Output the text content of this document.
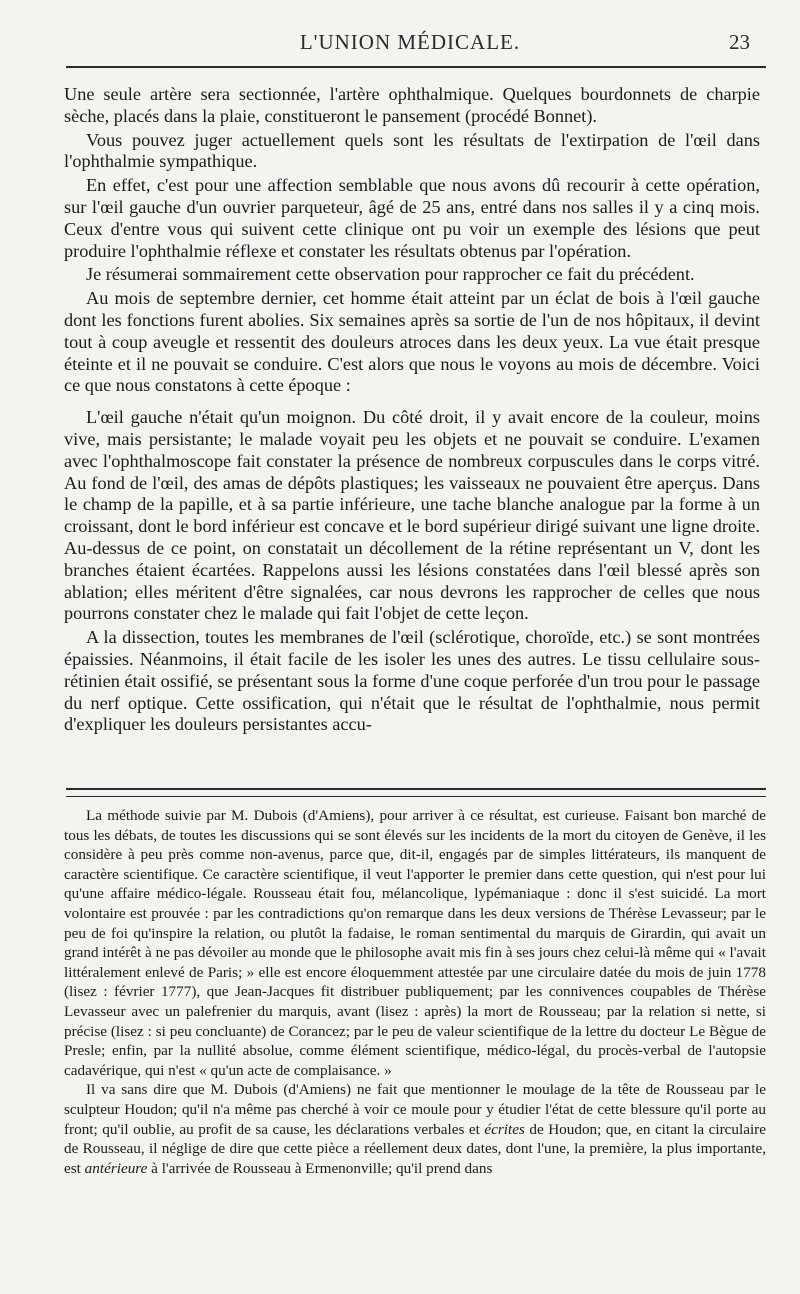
L'UNION MÉDICALE.	23

Une seule artère sera sectionnée, l'artère ophthalmique. Quelques bourdonnets de charpie sèche, placés dans la plaie, constitueront le pansement (procédé Bonnet).

Vous pouvez juger actuellement quels sont les résultats de l'extirpation de l'œil dans l'ophthalmie sympathique.

En effet, c'est pour une affection semblable que nous avons dû recourir à cette opération, sur l'œil gauche d'un ouvrier parqueteur, âgé de 25 ans, entré dans nos salles il y a cinq mois. Ceux d'entre vous qui suivent cette clinique ont pu voir un exemple des lésions que peut produire l'ophthalmie réflexe et constater les résultats obtenus par l'opération.

Je résumerai sommairement cette observation pour rapprocher ce fait du précédent.

Au mois de septembre dernier, cet homme était atteint par un éclat de bois à l'œil gauche dont les fonctions furent abolies. Six semaines après sa sortie de l'un de nos hôpitaux, il devint tout à coup aveugle et ressentit des douleurs atroces dans les deux yeux. La vue était presque éteinte et il ne pouvait se conduire. C'est alors que nous le voyons au mois de décembre. Voici ce que nous constatons à cette époque :

L'œil gauche n'était qu'un moignon. Du côté droit, il y avait encore de la couleur, moins vive, mais persistante; le malade voyait peu les objets et ne pouvait se conduire. L'examen avec l'ophthalmoscope fait constater la présence de nombreux corpuscules dans le corps vitré. Au fond de l'œil, des amas de dépôts plastiques; les vaisseaux ne pouvaient être aperçus. Dans le champ de la papille, et à sa partie inférieure, une tache blanche analogue par la forme à un croissant, dont le bord inférieur est concave et le bord supérieur dirigé suivant une ligne droite. Au-dessus de ce point, on constatait un décollement de la rétine représentant un V, dont les branches étaient écartées. Rappelons aussi les lésions constatées dans l'œil blessé après son ablation; elles méritent d'être signalées, car nous devrons les rapprocher de celles que nous pourrons constater chez le malade qui fait l'objet de cette leçon.

A la dissection, toutes les membranes de l'œil (sclérotique, choroïde, etc.) se sont montrées épaissies. Néanmoins, il était facile de les isoler les unes des autres. Le tissu cellulaire sous-rétinien était ossifié, se présentant sous la forme d'une coque perforée d'un trou pour le passage du nerf optique. Cette ossification, qui n'était que le résultat de l'ophthalmie, nous permit d'expliquer les douleurs persistantes accu-

La méthode suivie par M. Dubois (d'Amiens), pour arriver à ce résultat, est curieuse. Faisant bon marché de tous les débats, de toutes les discussions qui se sont élevés sur les incidents de la mort du citoyen de Genève, il les considère à peu près comme non-avenus, parce que, dit-il, engagés par de simples littérateurs, ils manquent de caractère scientifique. Ce caractère scientifique, il veut l'apporter le premier dans cette question, qui n'est pour lui qu'une affaire médico-légale. Rousseau était fou, mélancolique, lypémaniaque : donc il s'est suicidé. La mort volontaire est prouvée : par les contradictions qu'on remarque dans les deux versions de Thérèse Levasseur; par le peu de foi qu'inspire la relation, ou plutôt la fadaise, le roman sentimental du marquis de Girardin, qui avait un grand intérêt à ne pas dévoiler au monde que le philosophe avait mis fin à ses jours chez celui-là même qui « l'avait littéralement enlevé de Paris; » elle est encore éloquemment attestée par une circulaire datée du mois de juin 1778 (lisez : février 1777), que Jean-Jacques fit distribuer publiquement; par les connivences coupables de Thérèse Levasseur avec un palefrenier du marquis, avant (lisez : après) la mort de Rousseau; par la relation si nette, si précise (lisez : si peu concluante) de Corancez; par le peu de valeur scientifique de la lettre du docteur Le Bègue de Presle; enfin, par la nullité absolue, comme élément scientifique, médico-légal, du procès-verbal de l'autopsie cadavérique, qui n'est « qu'un acte de complaisance. »

Il va sans dire que M. Dubois (d'Amiens) ne fait que mentionner le moulage de la tête de Rousseau par le sculpteur Houdon; qu'il n'a même pas cherché à voir ce moule pour y étudier l'état de cette blessure qu'il porte au front; qu'il oublie, au profit de sa cause, les déclarations verbales et écrites de Houdon; que, en citant la circulaire de Rousseau, il néglige de dire que cette pièce a réellement deux dates, dont l'une, la première, la plus importante, est antérieure à l'arrivée de Rousseau à Ermenonville; qu'il prend dans
